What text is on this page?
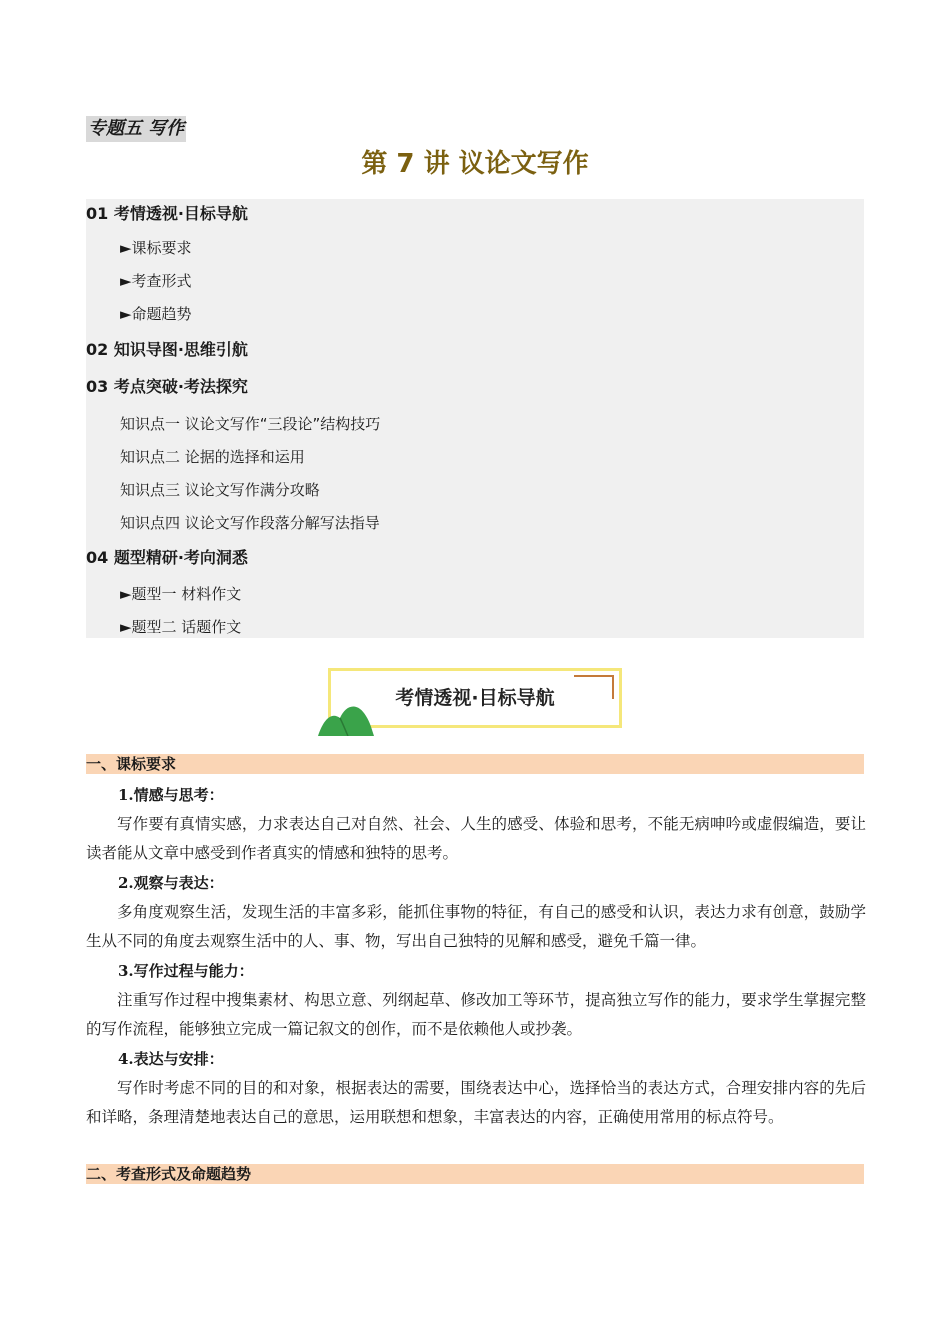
专题五 写作
第 7 讲 议论文写作
01 考情透视·目标导航
►课标要求
►考查形式
►命题趋势
02 知识导图·思维引航
03 考点突破·考法探究
知识点一 议论文写作“三段论”结构技巧
知识点二 论据的选择和运用
知识点三 议论文写作满分攻略
知识点四 议论文写作段落分解写法指导
04 题型精研·考向洞悉
►题型一 材料作文
►题型二 话题作文
考情透视·目标导航
一、课标要求
1.情感与思考：
写作要有真情实感，力求表达自己对自然、社会、人生的感受、体验和思考，不能无病呻吟或虚假编造，要让读者能从文章中感受到作者真实的情感和独特的思考。
2.观察与表达：
多角度观察生活，发现生活的丰富多彩，能抓住事物的特征，有自己的感受和认识，表达力求有创意，鼓励学生从不同的角度去观察生活中的人、事、物，写出自己独特的见解和感受，避免千篇一律。
3.写作过程与能力：
注重写作过程中搜集素材、构思立意、列纲起草、修改加工等环节，提高独立写作的能力，要求学生掌握完整的写作流程，能够独立完成一篇记叙文的创作，而不是依赖他人或抄袭。
4.表达与安排：
写作时考虑不同的目的和对象，根据表达的需要，围绕表达中心，选择恰当的表达方式，合理安排内容的先后和详略，条理清楚地表达自己的意思，运用联想和想象，丰富表达的内容，正确使用常用的标点符号。
二、考查形式及命题趋势
